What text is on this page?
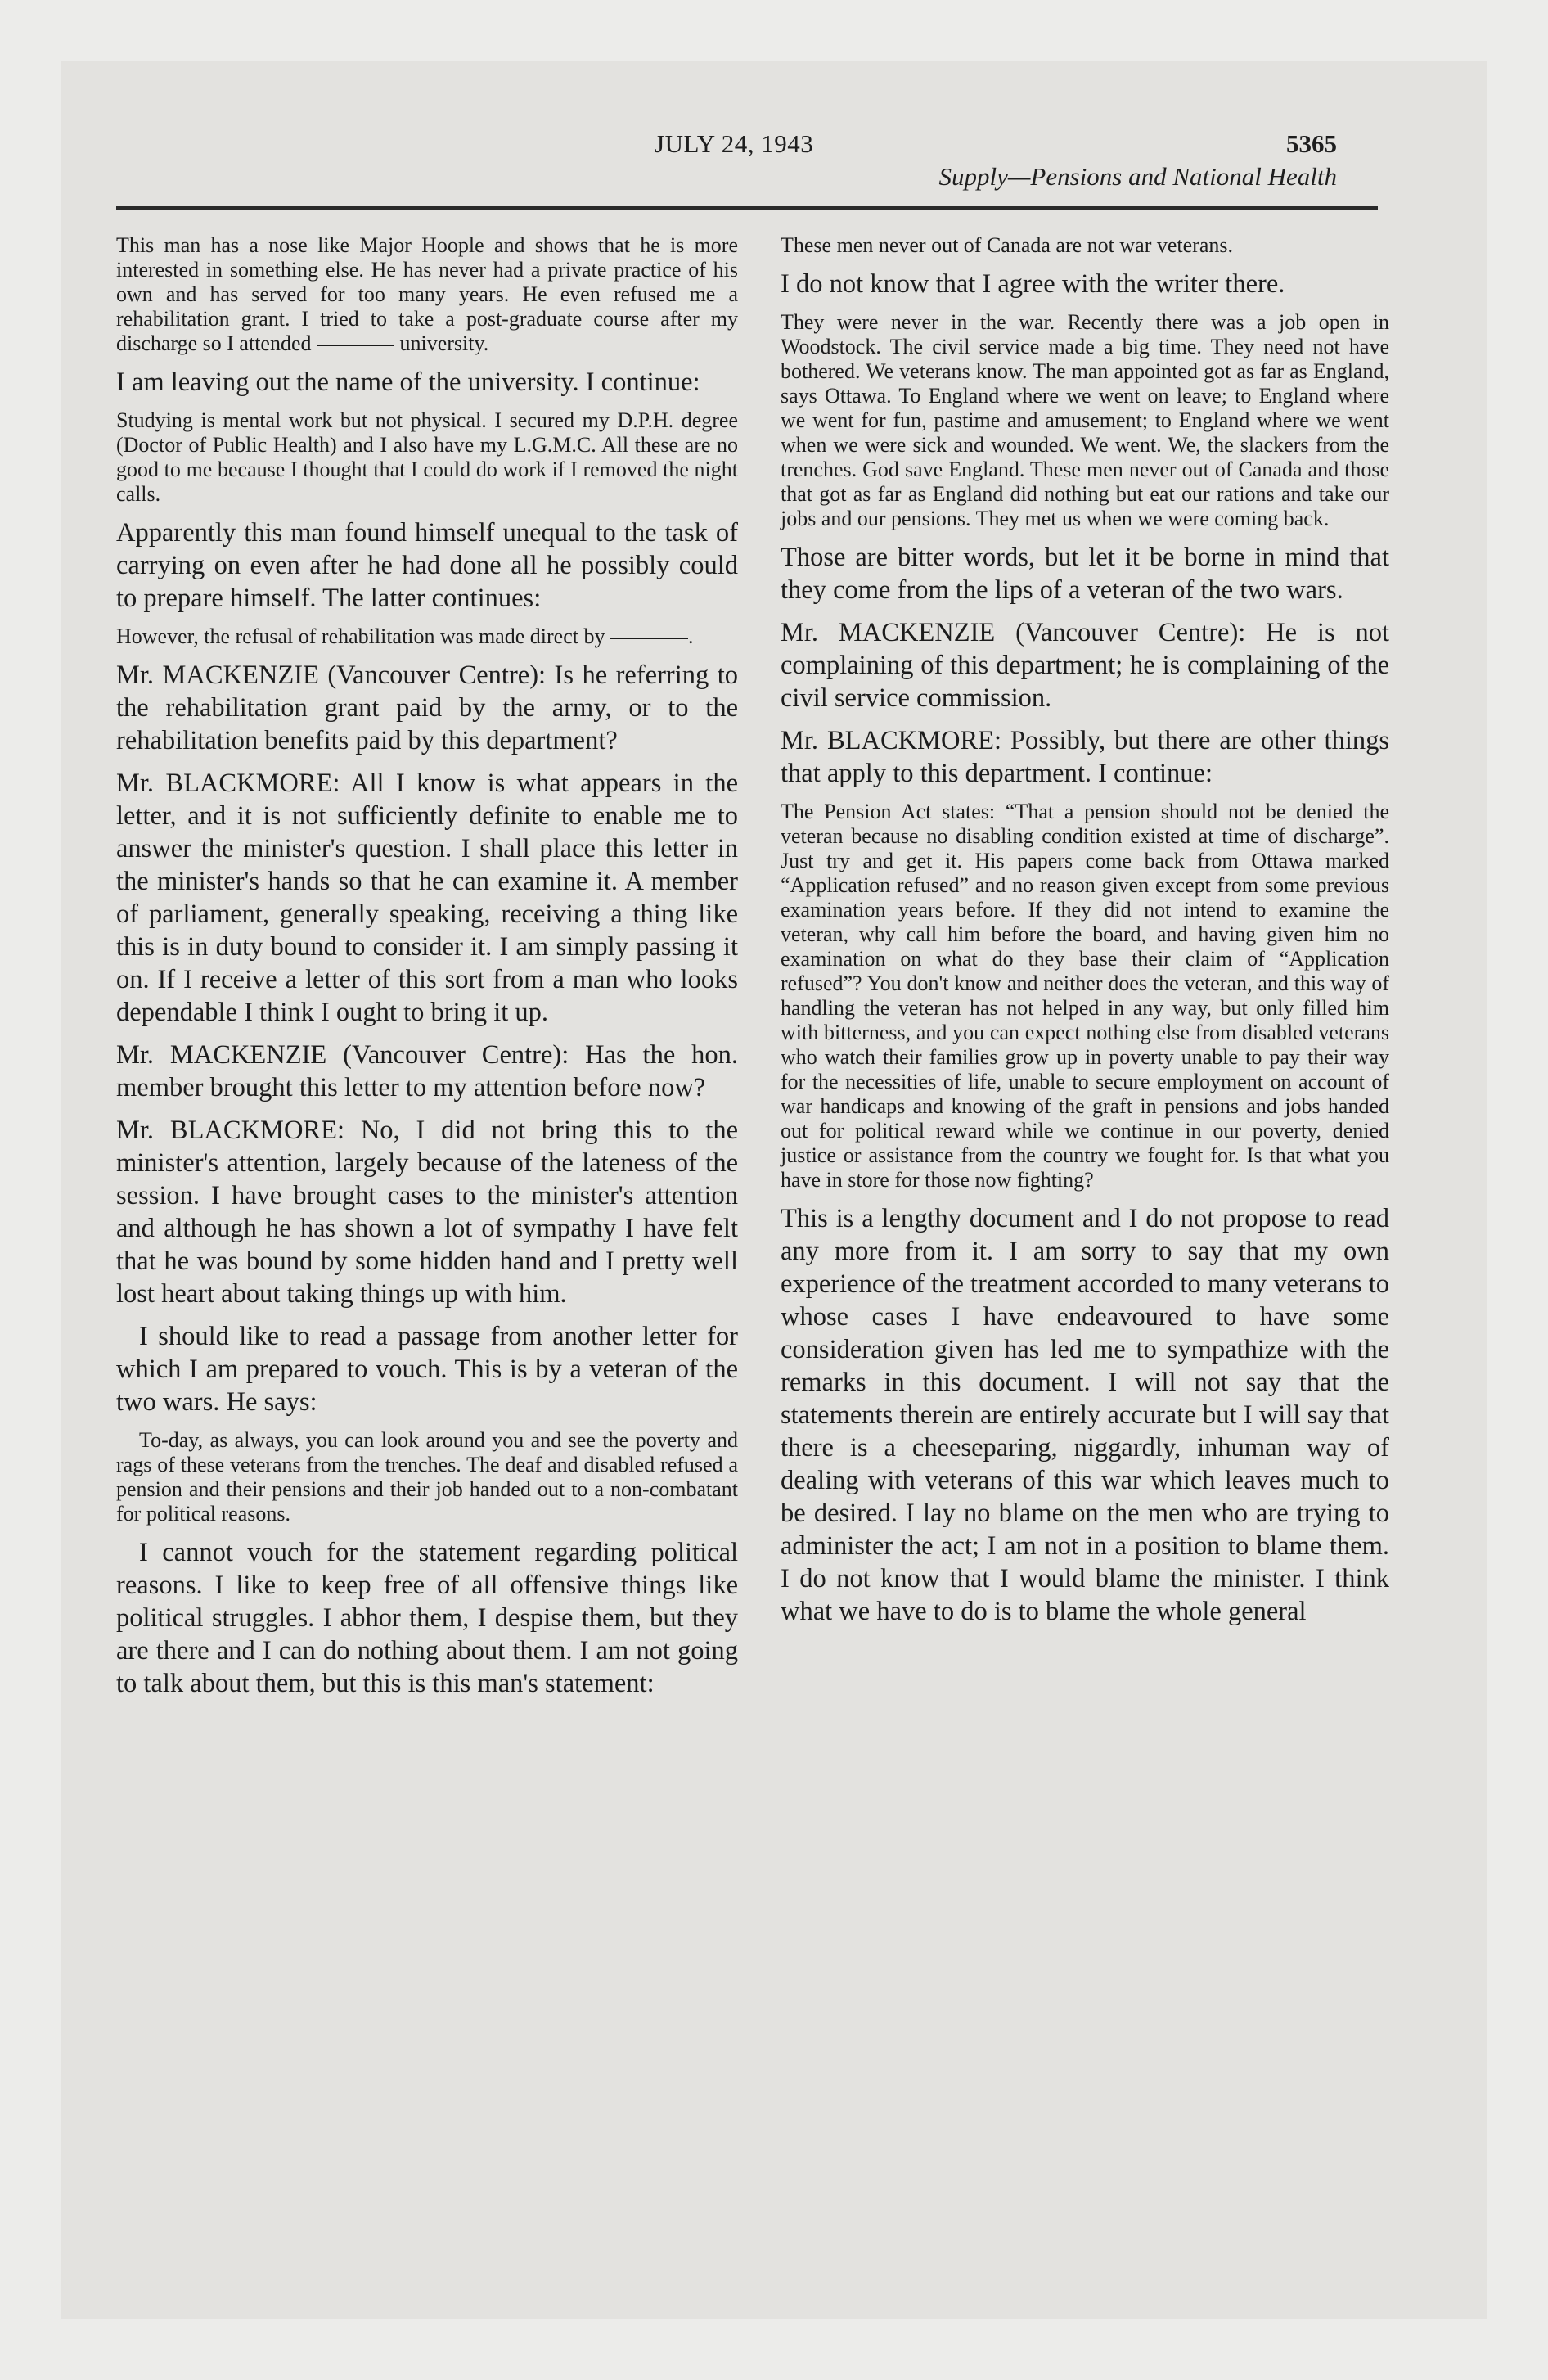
JULY 24, 1943	5365
Supply—Pensions and National Health

This man has a nose like Major Hoople and shows that he is more interested in something else. He has never had a private practice of his own and has served for too many years. He even refused me a rehabilitation grant. I tried to take a post-graduate course after my discharge so I attended	university.

I am leaving out the name of the university. I continue:

Studying is mental work but not physical. I secured my D.P.H. degree (Doctor of Public Health) and I also have my L.G.M.C. All these are no good to me because I thought that I could do work if I removed the night calls.

Apparently this man found himself unequal to the task of carrying on even after he had done all he possibly could to prepare himself. The latter continues:

However, the refusal of rehabilitation was made direct by	.

Mr. MACKENZIE (Vancouver Centre): Is he referring to the rehabilitation grant paid by the army, or to the rehabilitation benefits paid by this department?

Mr. BLACKMORE: All I know is what appears in the letter, and it is not sufficiently definite to enable me to answer the minister's question. I shall place this letter in the minister's hands so that he can examine it. A member of parliament, generally speaking, receiving a thing like this is in duty bound to consider it. I am simply passing it on. If I receive a letter of this sort from a man who looks dependable I think I ought to bring it up.

Mr. MACKENZIE (Vancouver Centre): Has the hon. member brought this letter to my attention before now?

Mr. BLACKMORE: No, I did not bring this to the minister's attention, largely because of the lateness of the session. I have brought cases to the minister's attention and although he has shown a lot of sympathy I have felt that he was bound by some hidden hand and I pretty well lost heart about taking things up with him.

I should like to read a passage from another letter for which I am prepared to vouch. This is by a veteran of the two wars. He says:

To-day, as always, you can look around you and see the poverty and rags of these veterans from the trenches. The deaf and disabled refused a pension and their pensions and their job handed out to a non-combatant for political reasons.

I cannot vouch for the statement regarding political reasons. I like to keep free of all offensive things like political struggles. I abhor them, I despise them, but they are there and I can do nothing about them. I am not going to talk about them, but this is this man's statement:

These men never out of Canada are not war veterans.

I do not know that I agree with the writer there.

They were never in the war. Recently there was a job open in Woodstock. The civil service made a big time. They need not have bothered. We veterans know. The man appointed got as far as England, says Ottawa. To England where we went on leave; to England where we went for fun, pastime and amusement; to England where we went when we were sick and wounded. We went. We, the slackers from the trenches. God save England. These men never out of Canada and those that got as far as England did nothing but eat our rations and take our jobs and our pensions. They met us when we were coming back.

Those are bitter words, but let it be borne in mind that they come from the lips of a veteran of the two wars.

Mr. MACKENZIE (Vancouver Centre): He is not complaining of this department; he is complaining of the civil service commission.

Mr. BLACKMORE: Possibly, but there are other things that apply to this department. I continue:

The Pension Act states: “That a pension should not be denied the veteran because no disabling condition existed at time of discharge”. Just try and get it. His papers come back from Ottawa marked “Application refused” and no reason given except from some previous examination years before. If they did not intend to examine the veteran, why call him before the board, and having given him no examination on what do they base their claim of “Application refused”? You don't know and neither does the veteran, and this way of handling the veteran has not helped in any way, but only filled him with bitterness, and you can expect nothing else from disabled veterans who watch their families grow up in poverty unable to pay their way for the necessities of life, unable to secure employment on account of war handicaps and knowing of the graft in pensions and jobs handed out for political reward while we continue in our poverty, denied justice or assistance from the country we fought for. Is that what you have in store for those now fighting?

This is a lengthy document and I do not propose to read any more from it. I am sorry to say that my own experience of the treatment accorded to many veterans to whose cases I have endeavoured to have some consideration given has led me to sympathize with the remarks in this document. I will not say that the statements therein are entirely accurate but I will say that there is a cheeseparing, niggardly, inhuman way of dealing with veterans of this war which leaves much to be desired. I lay no blame on the men who are trying to administer the act; I am not in a position to blame them. I do not know that I would blame the minister. I think what we have to do is to blame the whole general
